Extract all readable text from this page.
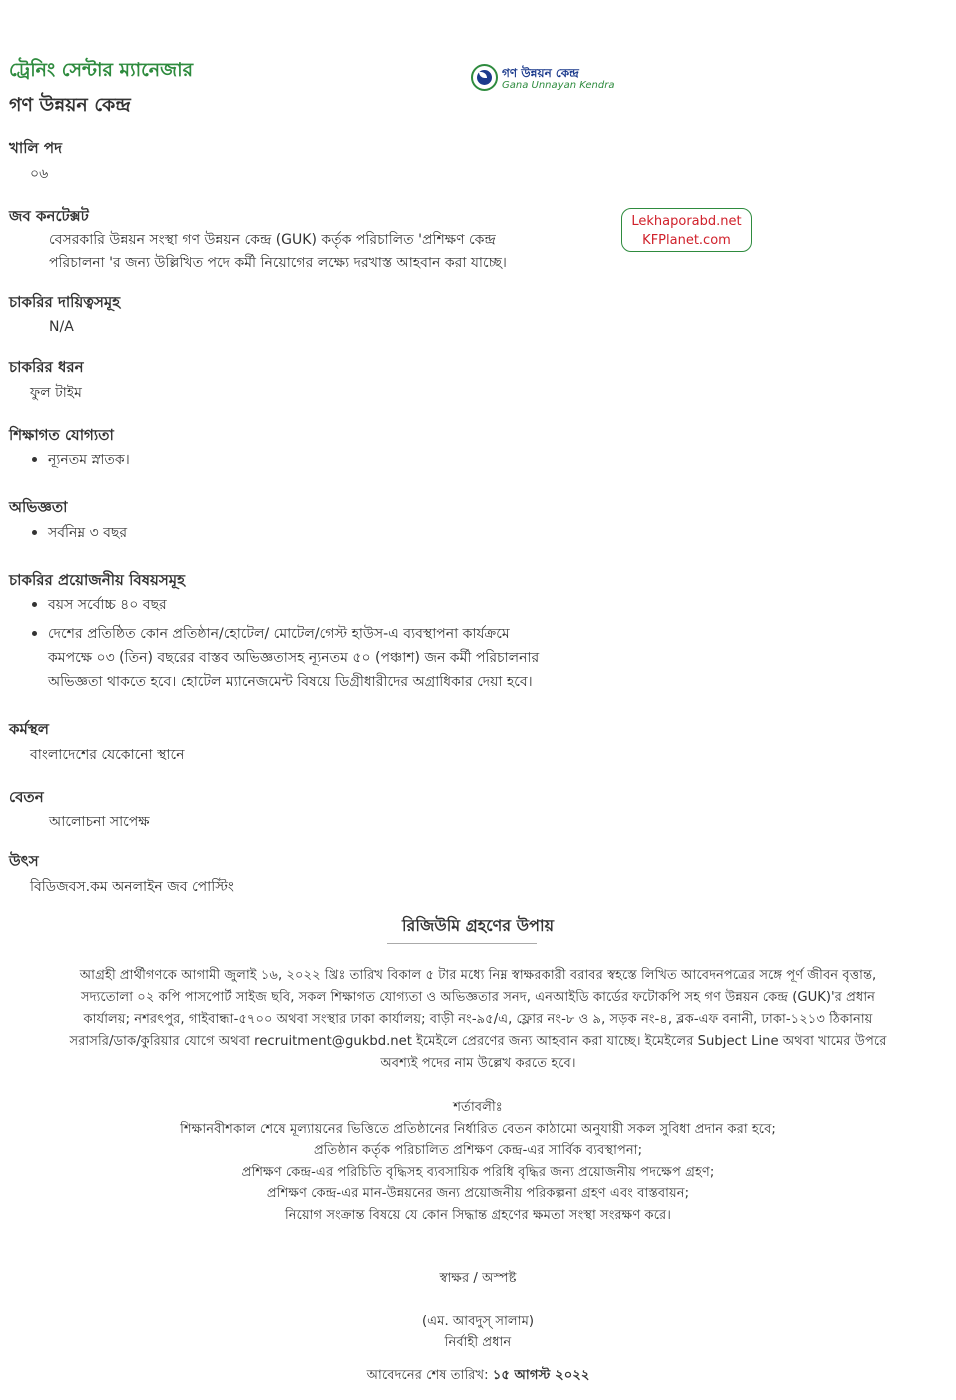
ট্রেনিং সেন্টার ম্যানেজার
গণ উন্নয়ন কেন্দ্র
গণ উন্নয়ন কেন্দ্র
Gana Unnayan Kendra
Lekhaporabd.net
KFPlanet.com
খালি পদ

০৬

জব কনটেক্সট

বেসরকারি উন্নয়ন সংস্থা গণ উন্নয়ন কেন্দ্র (GUK) কর্তৃক পরিচালিত 'প্রশিক্ষণ কেন্দ্র

পরিচালনা 'র জন্য উল্লিখিত পদে কর্মী নিয়োগের লক্ষ্যে দরখাস্ত আহবান করা যাচ্ছে।

চাকরির দায়িত্বসমূহ

N/A

চাকরির ধরন

ফুল টাইম

শিক্ষাগত যোগ্যতা
ন্যূনতম স্নাতক।
অভিজ্ঞতা
সর্বনিম্ন ৩ বছর
চাকরির প্রয়োজনীয় বিষয়সমূহ
বয়স সর্বোচ্চ ৪০ বছর
দেশের প্রতিষ্ঠিত কোন প্রতিষ্ঠান/হোটেল/ মোটেল/গেস্ট হাউস-এ ব্যবস্থাপনা কার্যক্রমে
কমপক্ষে ০৩ (তিন) বছরের বাস্তব অভিজ্ঞতাসহ ন্যূনতম ৫০ (পঞ্চাশ) জন কর্মী পরিচালনার
অভিজ্ঞতা থাকতে হবে। হোটেল ম্যানেজমেন্ট বিষয়ে ডিগ্রীধারীদের অগ্রাধিকার দেয়া হবে।
কর্মস্থল

বাংলাদেশের যেকোনো স্থানে

বেতন

আলোচনা সাপেক্ষ

উৎস

বিডিজবস.কম অনলাইন জব পোস্টিং

রিজিউমি গ্রহণের উপায়
আগ্রহী প্রার্থীগণকে আগামী জুলাই ১৬, ২০২২ খ্রিঃ তারিখ বিকাল ৫ টার মধ্যে নিম্ন স্বাক্ষরকারী বরাবর স্বহস্তে লিখিত আবেদনপত্রের সঙ্গে পূর্ণ জীবন বৃত্তান্ত,
সদ্যতোলা ০২ কপি পাসপোর্ট সাইজ ছবি, সকল শিক্ষাগত যোগ্যতা ও অভিজ্ঞতার সনদ, এনআইডি কার্ডের ফটোকপি সহ গণ উন্নয়ন কেন্দ্র (GUK)'র প্রধান
কার্যালয়; নশরৎপুর, গাইবান্ধা-৫৭০০ অথবা সংস্থার ঢাকা কার্যালয়; বাড়ী নং-৯৫/এ, ফ্লোর নং-৮ ও ৯, সড়ক নং-৪, ব্লক-এফ বনানী, ঢাকা-১২১৩ ঠিকানায়
সরাসরি/ডাক/কুরিয়ার যোগে অথবা recruitment@gukbd.net ইমেইলে প্রেরণের জন্য আহবান করা যাচ্ছে। ইমেইলের Subject Line অথবা খামের উপরে
অবশ্যই পদের নাম উল্লেখ করতে হবে।
শর্তাবলীঃ
শিক্ষানবীশকাল শেষে মূল্যায়নের ভিত্তিতে প্রতিষ্ঠানের নির্ধারিত বেতন কাঠামো অনুযায়ী সকল সুবিধা প্রদান করা হবে;
প্রতিষ্ঠান কর্তৃক পরিচালিত প্রশিক্ষণ কেন্দ্র-এর সার্বিক ব্যবস্থাপনা;
প্রশিক্ষণ কেন্দ্র-এর পরিচিতি বৃদ্ধিসহ ব্যবসায়িক পরিধি বৃদ্ধির জন্য প্রয়োজনীয় পদক্ষেপ গ্রহণ;
প্রশিক্ষণ কেন্দ্র-এর মান-উন্নয়নের জন্য প্রয়োজনীয় পরিকল্পনা গ্রহণ এবং বাস্তবায়ন;
নিয়োগ সংক্রান্ত বিষয়ে যে কোন সিদ্ধান্ত গ্রহণের ক্ষমতা সংস্থা সংরক্ষণ করে।
স্বাক্ষর / অস্পষ্ট
(এম. আবদুস্ সালাম)
নির্বাহী প্রধান
আবেদনের শেষ তারিখ: ১৫ আগস্ট ২০২২
